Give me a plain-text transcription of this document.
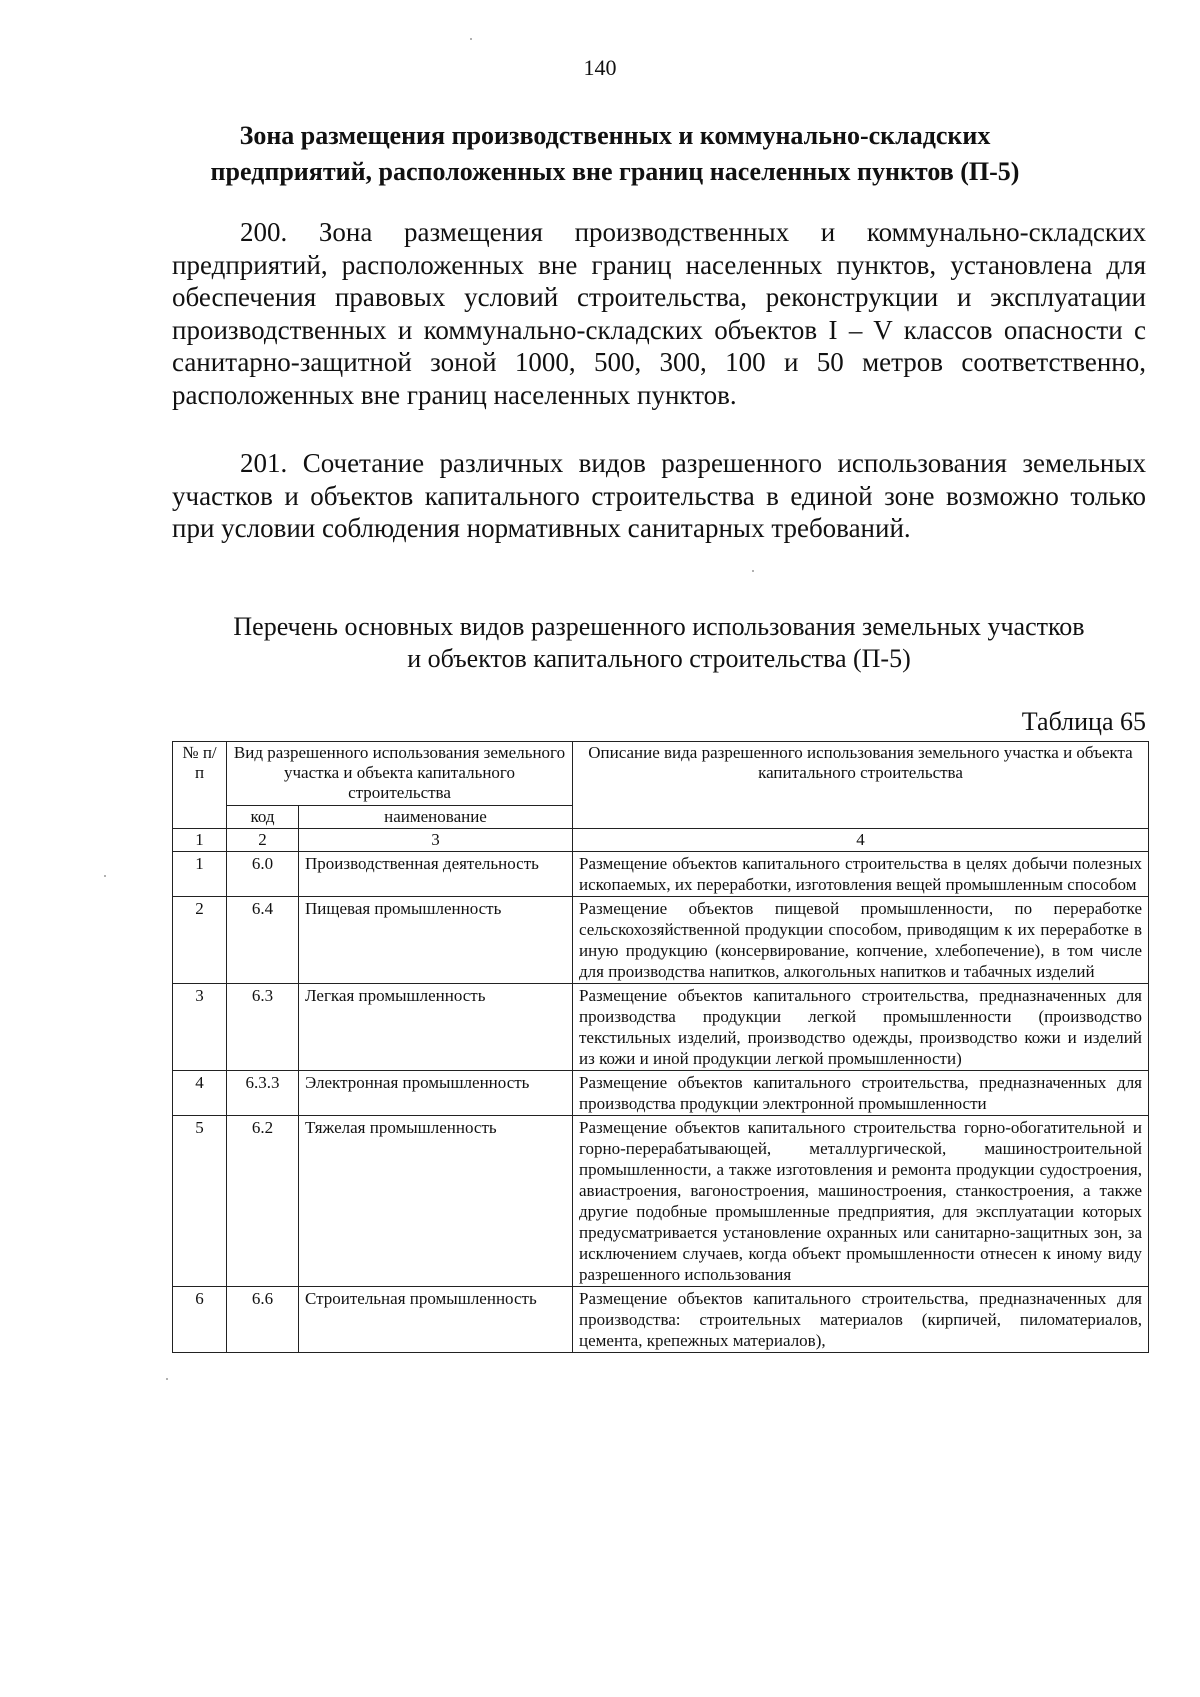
140
Зона размещения производственных и коммунально-складских
предприятий, расположенных вне границ населенных пунктов (П-5)
200. Зона размещения производственных и коммунально-складских предприятий, расположенных вне границ населенных пунктов, установлена для обеспечения правовых условий строительства, реконструкции и эксплуатации производственных и коммунально-складских объектов I – V классов опасности с санитарно-защитной зоной 1000, 500, 300, 100 и 50 метров соответственно, расположенных вне границ населенных пунктов.
201. Сочетание различных видов разрешенного использования земельных участков и объектов капитального строительства в единой зоне возможно только при условии соблюдения нормативных санитарных требований.
Перечень основных видов разрешенного использования земельных участков
и объектов капитального строительства (П-5)
Таблица 65
№ п/п	Вид разрешенного использования земельного участка и объекта капитального строительства		Описание вида разрешенного использования земельного участка и объекта капитального строительства
	код	наименование	
1	2	3	4
1	6.0	Производственная деятельность	Размещение объектов капитального строительства в целях добычи полезных ископаемых, их переработки, изготовления вещей промышленным способом
2	6.4	Пищевая промышленность	Размещение объектов пищевой промышленности, по переработке сельскохозяйственной продукции способом, приводящим к их переработке в иную продукцию (консервирование, копчение, хлебопечение), в том числе для производства напитков, алкогольных напитков и табачных изделий
3	6.3	Легкая промышленность	Размещение объектов капитального строительства, предназначенных для производства продукции легкой промышленности (производство текстильных изделий, производство одежды, производство кожи и изделий из кожи и иной продукции легкой промышленности)
4	6.3.3	Электронная промышленность	Размещение объектов капитального строительства, предназначенных для производства продукции электронной промышленности
5	6.2	Тяжелая промышленность	Размещение объектов капитального строительства горно-обогатительной и горно-перерабатывающей, металлургической, машиностроительной промышленности, а также изготовления и ремонта продукции судостроения, авиастроения, вагоностроения, машиностроения, станкостроения, а также другие подобные промышленные предприятия, для эксплуатации которых предусматривается установление охранных или санитарно-защитных зон, за исключением случаев, когда объект промышленности отнесен к иному виду разрешенного использования
6	6.6	Строительная промышленность	Размещение объектов капитального строительства, предназначенных для производства: строительных материалов (кирпичей, пиломатериалов, цемента, крепежных материалов),
